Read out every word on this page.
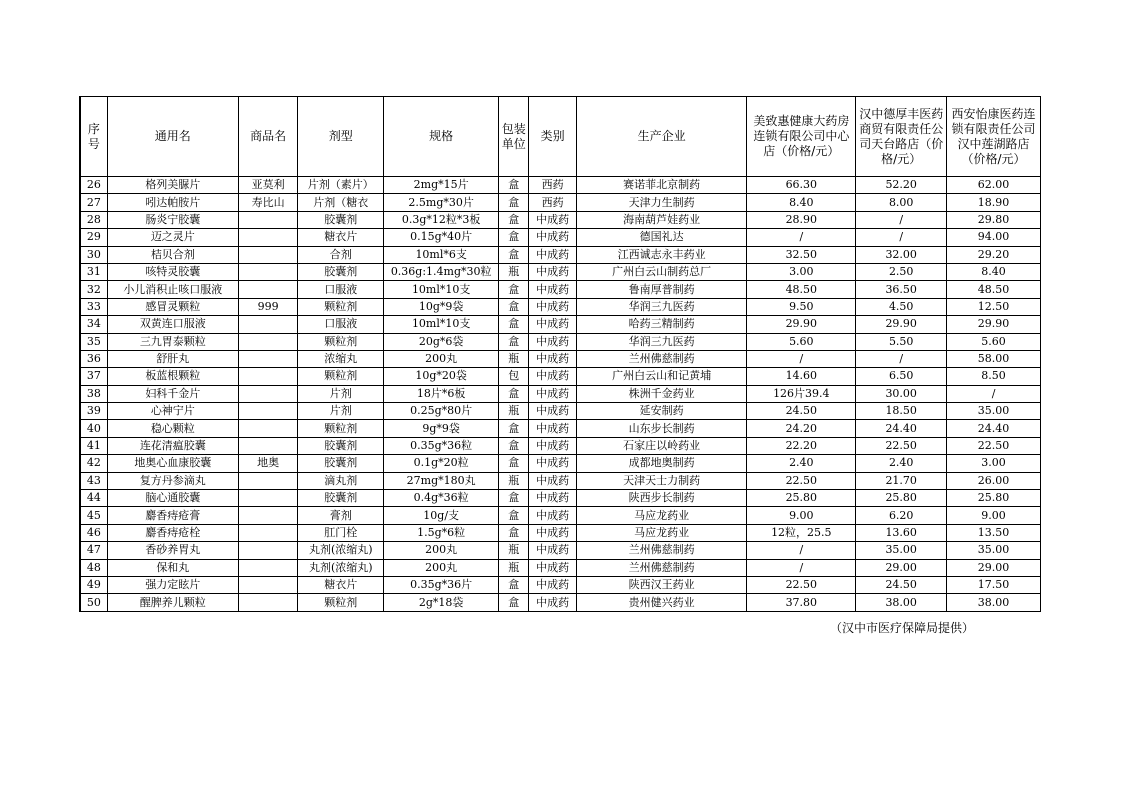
序号	通用名	商品名	剂型	规格	包装单位	类别	生产企业	美致惠健康大药房连锁有限公司中心店（价格/元）	汉中德厚丰医药商贸有限责任公司天台路店（价格/元）	西安怡康医药连锁有限责任公司汉中莲湖路店（价格/元）
26	格列美脲片	亚莫利	片剂（素片）	2mg*15片	盒	西药	赛诺菲北京制药	66.30	52.20	62.00
27	吲达帕胺片	寿比山	片剂（糖衣	2.5mg*30片	盒	西药	天津力生制药	8.40	8.00	18.90
28	肠炎宁胶囊		胶囊剂	0.3g*12粒*3板	盒	中成药	海南葫芦娃药业	28.90	/	29.80
29	迈之灵片		糖衣片	0.15g*40片	盒	中成药	德国礼达	/	/	94.00
30	桔贝合剂		合剂	10ml*6支	盒	中成药	江西诚志永丰药业	32.50	32.00	29.20
31	咳特灵胶囊		胶囊剂	0.36g:1.4mg*30粒	瓶	中成药	广州白云山制药总厂	3.00	2.50	8.40
32	小儿消积止咳口服液		口服液	10ml*10支	盒	中成药	鲁南厚普制药	48.50	36.50	48.50
33	感冒灵颗粒	999	颗粒剂	10g*9袋	盒	中成药	华润三九医药	9.50	4.50	12.50
34	双黄连口服液		口服液	10ml*10支	盒	中成药	哈药三精制药	29.90	29.90	29.90
35	三九胃泰颗粒		颗粒剂	20g*6袋	盒	中成药	华润三九医药	5.60	5.50	5.60
36	舒肝丸		浓缩丸	200丸	瓶	中成药	兰州佛慈制药	/	/	58.00
37	板蓝根颗粒		颗粒剂	10g*20袋	包	中成药	广州白云山和记黄埔	14.60	6.50	8.50
38	妇科千金片		片剂	18片*6板	盒	中成药	株洲千金药业	126片39.4	30.00	/
39	心神宁片		片剂	0.25g*80片	瓶	中成药	延安制药	24.50	18.50	35.00
40	稳心颗粒		颗粒剂	9g*9袋	盒	中成药	山东步长制药	24.20	24.40	24.40
41	连花清瘟胶囊		胶囊剂	0.35g*36粒	盒	中成药	石家庄以岭药业	22.20	22.50	22.50
42	地奥心血康胶囊	地奥	胶囊剂	0.1g*20粒	盒	中成药	成都地奥制药	2.40	2.40	3.00
43	复方丹参滴丸		滴丸剂	27mg*180丸	瓶	中成药	天津天士力制药	22.50	21.70	26.00
44	脑心通胶囊		胶囊剂	0.4g*36粒	盒	中成药	陕西步长制药	25.80	25.80	25.80
45	麝香痔疮膏		膏剂	10g/支	盒	中成药	马应龙药业	9.00	6.20	9.00
46	麝香痔疮栓		肛门栓	1.5g*6粒	盒	中成药	马应龙药业	12粒，25.5	13.60	13.50
47	香砂养胃丸		丸剂(浓缩丸)	200丸	瓶	中成药	兰州佛慈制药	/	35.00	35.00
48	保和丸		丸剂(浓缩丸)	200丸	瓶	中成药	兰州佛慈制药	/	29.00	29.00
49	强力定眩片		糖衣片	0.35g*36片	盒	中成药	陕西汉王药业	22.50	24.50	17.50
50	醒脾养儿颗粒		颗粒剂	2g*18袋	盒	中成药	贵州健兴药业	37.80	38.00	38.00
（汉中市医疗保障局提供）
